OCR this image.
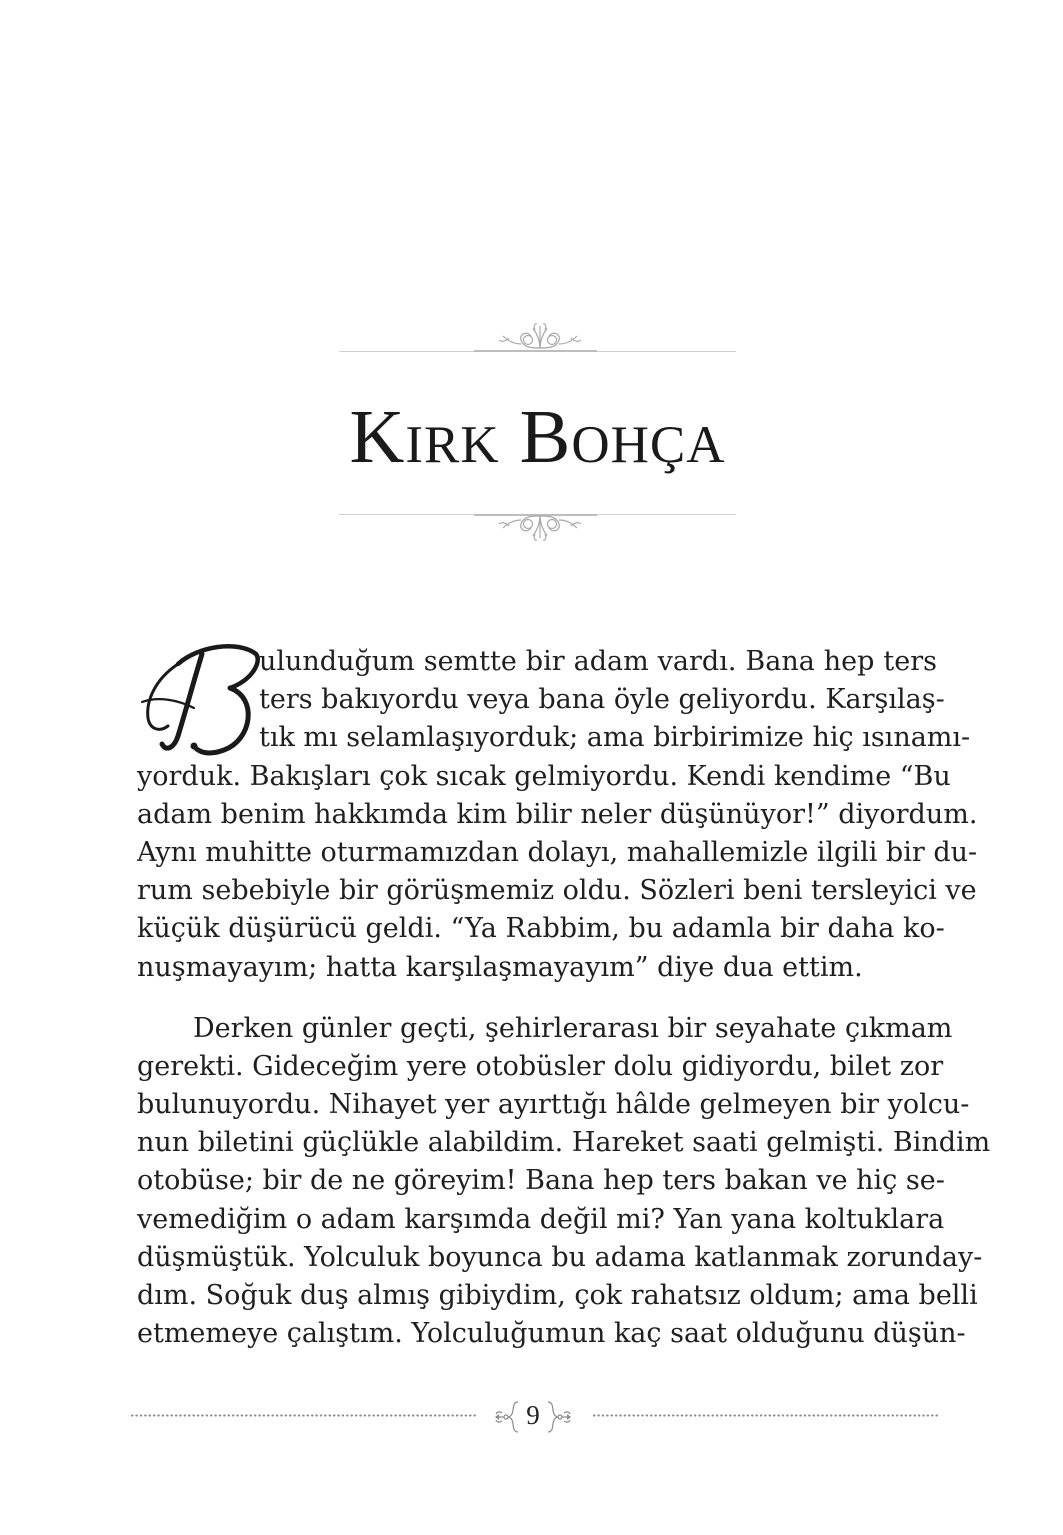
Kırk Bohça
ulunduğum semtte bir adam vardı. Bana hep ters
ters bakıyordu veya bana öyle geliyordu. Karşılaş-
tık mı selamlaşıyorduk; ama birbirimize hiç ısınamı-
yorduk. Bakışları çok sıcak gelmiyordu. Kendi kendime “Bu
adam benim hakkımda kim bilir neler düşünüyor!” diyordum.
Aynı muhitte oturmamızdan dolayı, mahallemizle ilgili bir du-
rum sebebiyle bir görüşmemiz oldu. Sözleri beni tersleyici ve
küçük düşürücü geldi. “Ya Rabbim, bu adamla bir daha ko-
nuşmayayım; hatta karşılaşmayayım” diye dua ettim.
Derken günler geçti, şehirlerarası bir seyahate çıkmam
gerekti. Gideceğim yere otobüsler dolu gidiyordu, bilet zor
bulunuyordu. Nihayet yer ayırttığı hâlde gelmeyen bir yolcu-
nun biletini güçlükle alabildim. Hareket saati gelmişti. Bindim
otobüse; bir de ne göreyim! Bana hep ters bakan ve hiç se-
vemediğim o adam karşımda değil mi? Yan yana koltuklara
düşmüştük. Yolculuk boyunca bu adama katlanmak zorunday-
dım. Soğuk duş almış gibiydim, çok rahatsız oldum; ama belli
etmemeye çalıştım. Yolculuğumun kaç saat olduğunu düşün-
9
